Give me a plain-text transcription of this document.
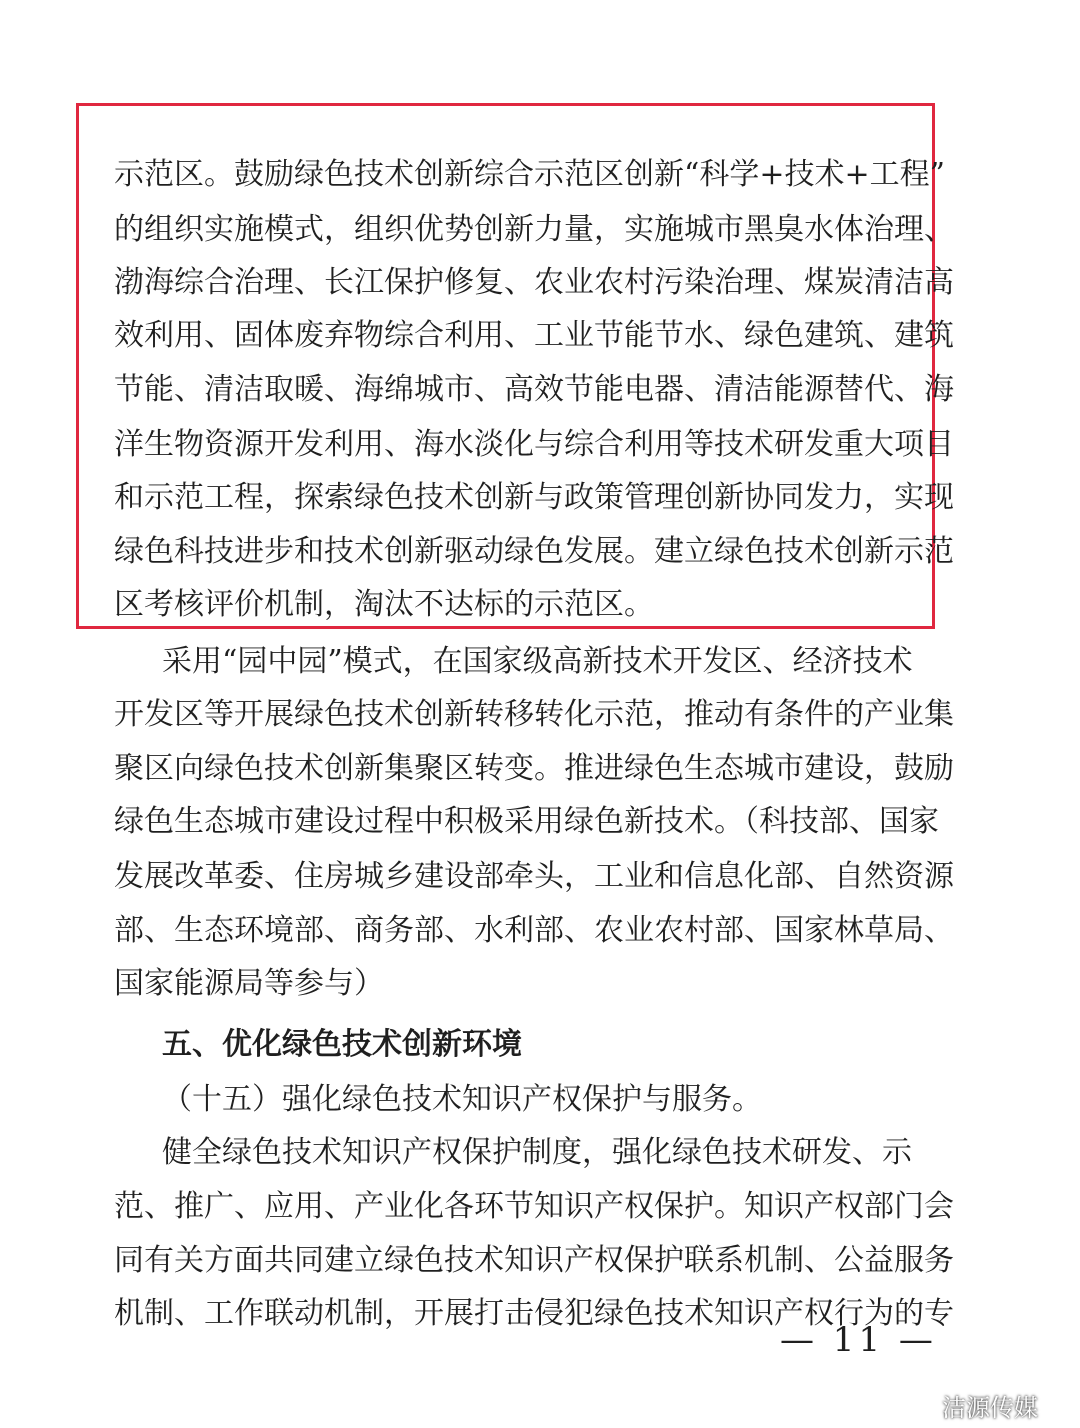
示范区。鼓励绿色技术创新综合示范区创新“科学+技术+工程”
的组织实施模式，组织优势创新力量，实施城市黑臭水体治理、
渤海综合治理、长江保护修复、农业农村污染治理、煤炭清洁高
效利用、固体废弃物综合利用、工业节能节水、绿色建筑、建筑
节能、清洁取暖、海绵城市、高效节能电器、清洁能源替代、海
洋生物资源开发利用、海水淡化与综合利用等技术研发重大项目
和示范工程，探索绿色技术创新与政策管理创新协同发力，实现
绿色科技进步和技术创新驱动绿色发展。建立绿色技术创新示范
区考核评价机制，淘汰不达标的示范区。
采用“园中园”模式，在国家级高新技术开发区、经济技术
开发区等开展绿色技术创新转移转化示范，推动有条件的产业集
聚区向绿色技术创新集聚区转变。推进绿色生态城市建设，鼓励
绿色生态城市建设过程中积极采用绿色新技术。（科技部、国家
发展改革委、住房城乡建设部牵头，工业和信息化部、自然资源
部、生态环境部、商务部、水利部、农业农村部、国家林草局、
国家能源局等参与）
五、优化绿色技术创新环境
（十五）强化绿色技术知识产权保护与服务。
健全绿色技术知识产权保护制度，强化绿色技术研发、示
范、推广、应用、产业化各环节知识产权保护。知识产权部门会
同有关方面共同建立绿色技术知识产权保护联系机制、公益服务
机制、工作联动机制，开展打击侵犯绿色技术知识产权行为的专
— 11 —
洁源传媒
